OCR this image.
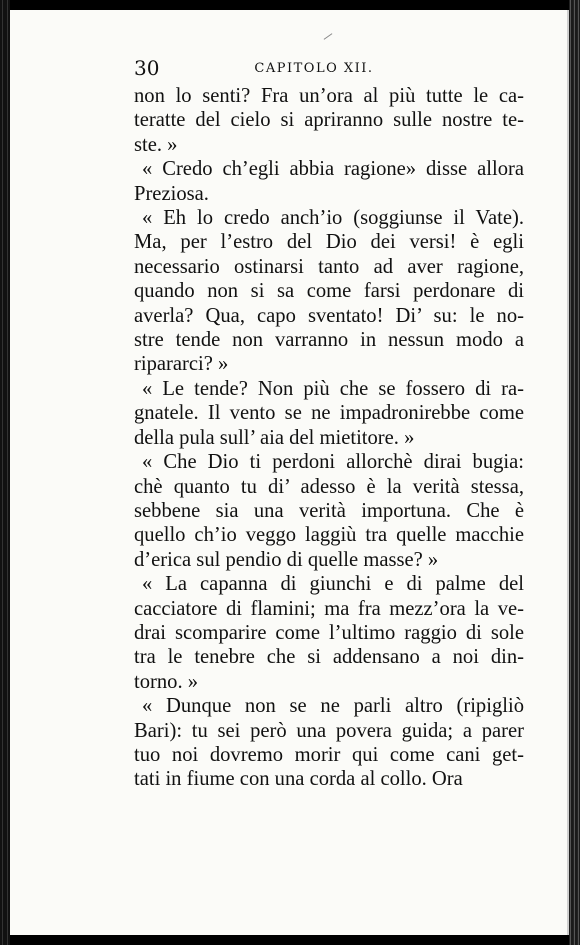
30	CAPITOLO XII.
non lo senti? Fra un’ora al più tutte le ca-
teratte del cielo si apriranno sulle nostre te-
ste. »
« Credo ch’egli abbia ragione» disse allora
Preziosa.
« Eh lo credo anch’io (soggiunse il Vate).
Ma, per l’estro del Dio dei versi! è egli
necessario ostinarsi tanto ad aver ragione,
quando non si sa come farsi perdonare di
averla? Qua, capo sventato! Di’ su: le no-
stre tende non varranno in nessun modo a
ripararci? »
« Le tende? Non più che se fossero di ra-
gnatele. Il vento se ne impadronirebbe come
della pula sull’ aia del mietitore. »
« Che Dio ti perdoni allorchè dirai bugia:
chè quanto tu di’ adesso è la verità stessa,
sebbene sia una verità importuna. Che è
quello ch’io veggo laggiù tra quelle macchie
d’erica sul pendio di quelle masse? »
« La capanna di giunchi e di palme del
cacciatore di flamini; ma fra mezz’ora la ve-
drai scomparire come l’ultimo raggio di sole
tra le tenebre che si addensano a noi din-
torno. »
« Dunque non se ne parli altro (ripigliò
Bari): tu sei però una povera guida; a parer
tuo noi dovremo morir qui come cani get-
tati in fiume con una corda al collo. Ora
